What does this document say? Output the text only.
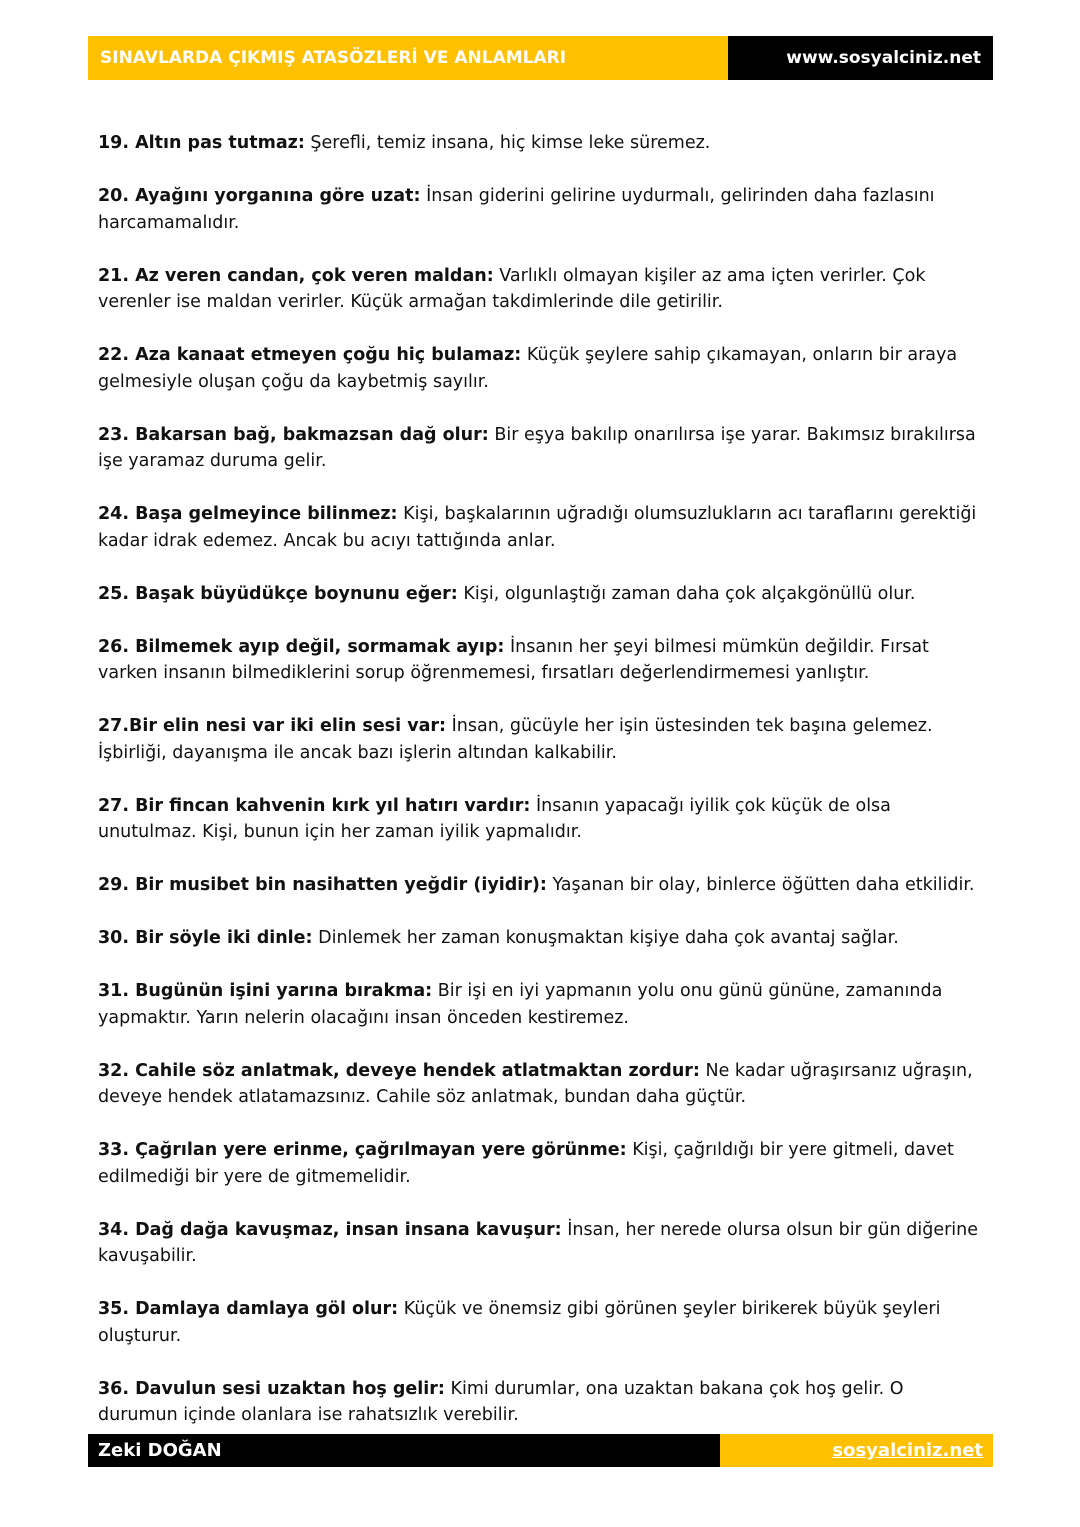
SINAVLARDA ÇIKMIŞ ATASÖZLERİ VE ANLAMLARI	www.sosyalciniz.net
19. Altın pas tutmaz: Şerefli, temiz insana, hiç kimse leke süremez.
20. Ayağını yorganına göre uzat: İnsan giderini gelirine uydurmalı, gelirinden daha fazlasını harcamamalıdır.
21. Az veren candan, çok veren maldan: Varlıklı olmayan kişiler az ama içten verirler. Çok verenler ise maldan verirler. Küçük armağan takdimlerinde dile getirilir.
22. Aza kanaat etmeyen çoğu hiç bulamaz: Küçük şeylere sahip çıkamayan, onların bir araya gelmesiyle oluşan çoğu da kaybetmiş sayılır.
23. Bakarsan bağ, bakmazsan dağ olur: Bir eşya bakılıp onarılırsa işe yarar. Bakımsız bırakılırsa işe yaramaz duruma gelir.
24. Başa gelmeyince bilinmez: Kişi, başkalarının uğradığı olumsuzlukların acı taraflarını gerektiği kadar idrak edemez. Ancak bu acıyı tattığında anlar.
25. Başak büyüdükçe boynunu eğer: Kişi, olgunlaştığı zaman daha çok alçakgönüllü olur.
26. Bilmemek ayıp değil, sormamak ayıp: İnsanın her şeyi bilmesi mümkün değildir. Fırsat varken insanın bilmediklerini sorup öğrenmemesi, fırsatları değerlendirmemesi yanlıştır.
27.Bir elin nesi var iki elin sesi var: İnsan, gücüyle her işin üstesinden tek başına gelemez. İşbirliği, dayanışma ile ancak bazı işlerin altından kalkabilir.
27. Bir fincan kahvenin kırk yıl hatırı vardır: İnsanın yapacağı iyilik çok küçük de olsa unutulmaz. Kişi, bunun için her zaman iyilik yapmalıdır.
29. Bir musibet bin nasihatten yeğdir (iyidir): Yaşanan bir olay, binlerce öğütten daha etkilidir.
30. Bir söyle iki dinle: Dinlemek her zaman konuşmaktan kişiye daha çok avantaj sağlar.
31. Bugünün işini yarına bırakma: Bir işi en iyi yapmanın yolu onu günü gününe, zamanında yapmaktır. Yarın nelerin olacağını insan önceden kestiremez.
32. Cahile söz anlatmak, deveye hendek atlatmaktan zordur: Ne kadar uğraşırsanız uğraşın, deveye hendek atlatamazsınız. Cahile söz anlatmak, bundan daha güçtür.
33. Çağrılan yere erinme, çağrılmayan yere görünme: Kişi, çağrıldığı bir yere gitmeli, davet edilmediği bir yere de gitmemelidir.
34. Dağ dağa kavuşmaz, insan insana kavuşur: İnsan, her nerede olursa olsun bir gün diğerine kavuşabilir.
35. Damlaya damlaya göl olur: Küçük ve önemsiz gibi görünen şeyler birikerek büyük şeyleri oluşturur.
36. Davulun sesi uzaktan hoş gelir: Kimi durumlar, ona uzaktan bakana çok hoş gelir. O durumun içinde olanlara ise rahatsızlık verebilir.
Zeki DOĞAN	sosyalciniz.net
